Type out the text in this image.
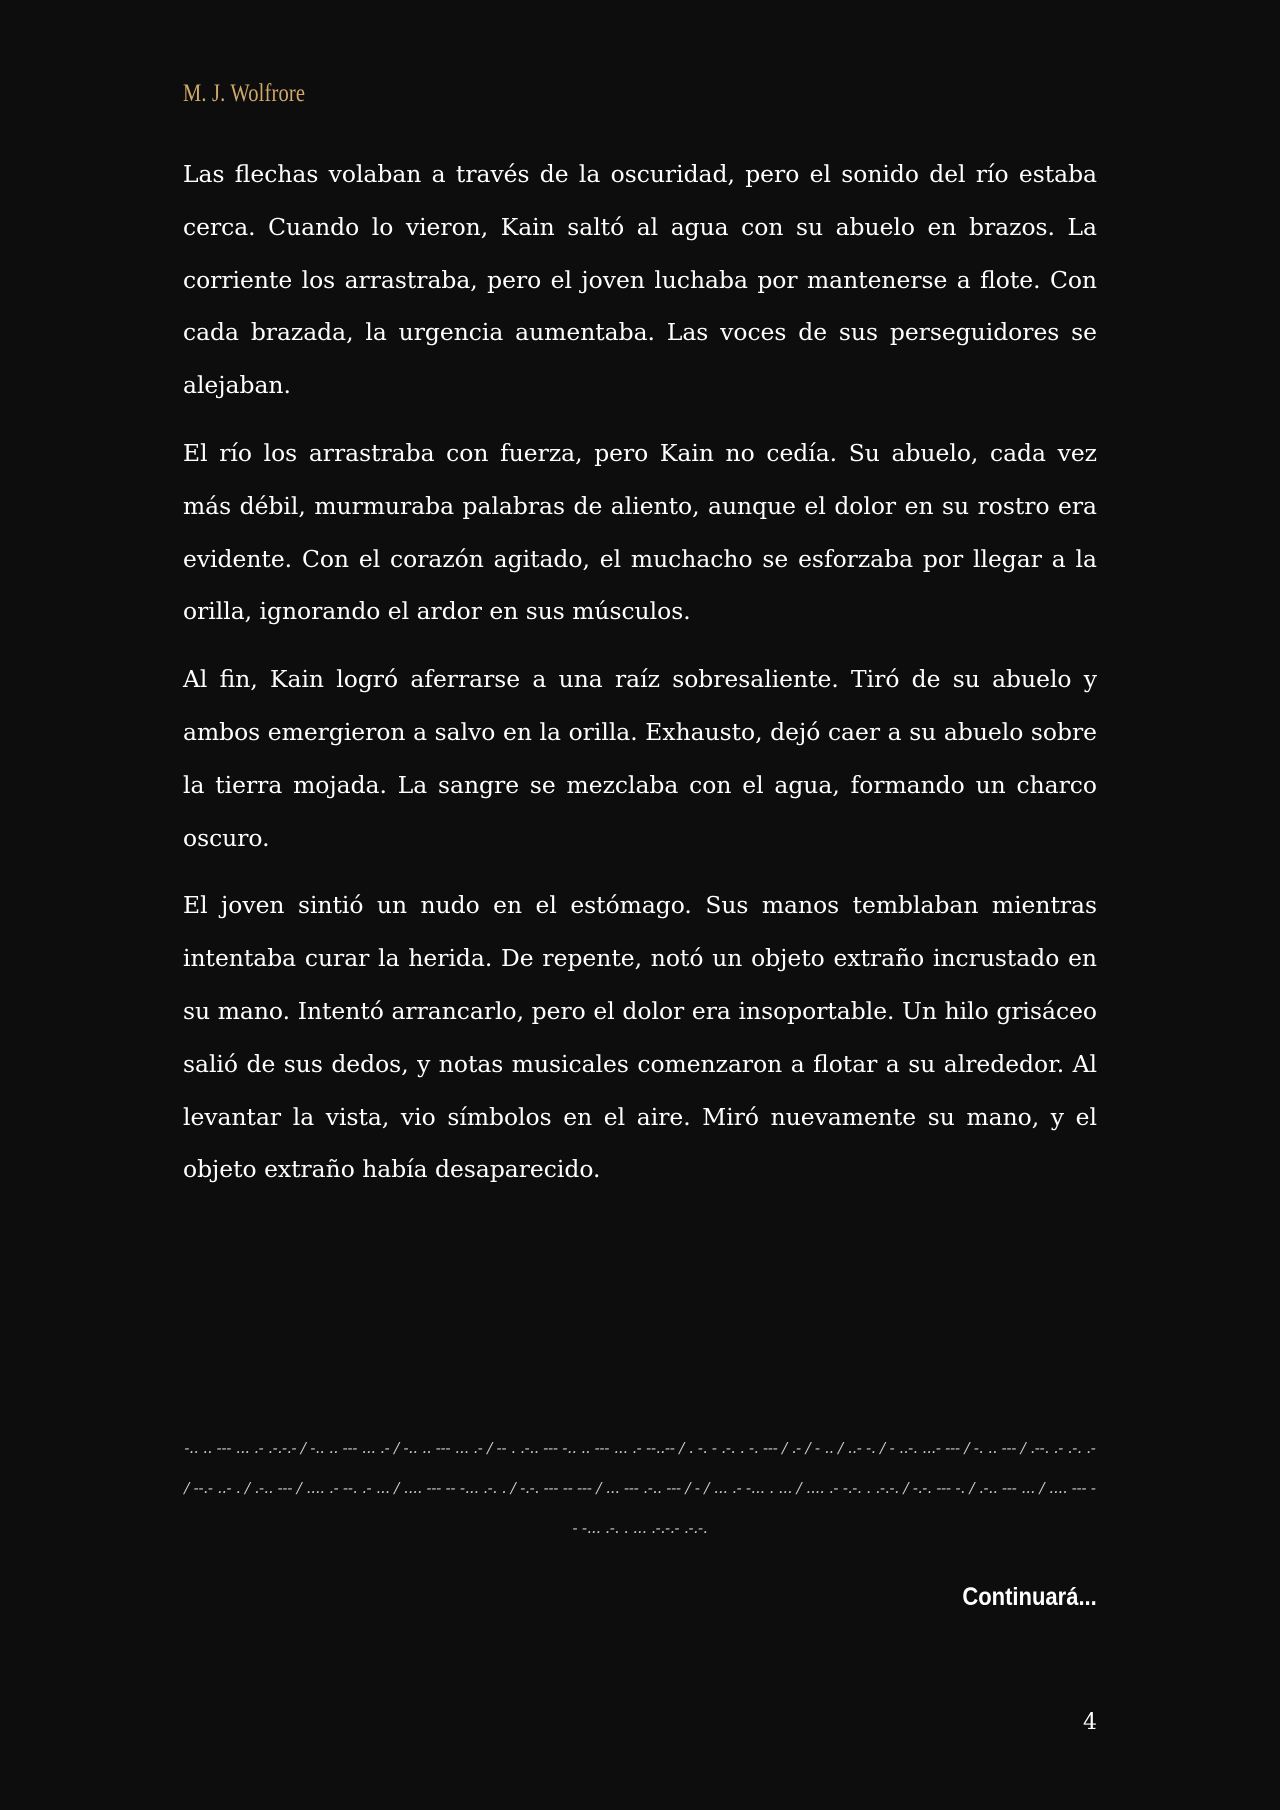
M. J. Wolfrore

Las flechas volaban a través de la oscuridad, pero el sonido del río estaba cerca. Cuando lo vieron, Kain saltó al agua con su abuelo en brazos. La corriente los arrastraba, pero el joven luchaba por mantenerse a flote. Con cada brazada, la urgencia aumentaba. Las voces de sus perseguidores se alejaban.

El río los arrastraba con fuerza, pero Kain no cedía. Su abuelo, cada vez más débil, murmuraba palabras de aliento, aunque el dolor en su rostro era evidente. Con el corazón agitado, el muchacho se esforzaba por llegar a la orilla, ignorando el ardor en sus músculos.

Al fin, Kain logró aferrarse a una raíz sobresaliente. Tiró de su abuelo y ambos emergieron a salvo en la orilla. Exhausto, dejó caer a su abuelo sobre la tierra mojada. La sangre se mezclaba con el agua, formando un charco oscuro.

El joven sintió un nudo en el estómago. Sus manos temblaban mientras intentaba curar la herida. De repente, notó un objeto extraño incrustado en su mano. Intentó arrancarlo, pero el dolor era insoportable. Un hilo grisáceo salió de sus dedos, y notas musicales comenzaron a flotar a su alrededor. Al levantar la vista, vio símbolos en el aire. Miró nuevamente su mano, y el objeto extraño había desaparecido.

-.. .. --- ... .- .-.-.- / -.. .. --- ... .- / -.. .. --- ... .- / -- . .-.. --- -.. .. --- ... .- --..-- / . -. - .-. . -. --- / .- / - .. / ..- -. / - ..-. ...- --- / -. .. --- / .--. .- .-. .- / --.- ..- . / .-.. --- / .... .- --. .- ... / .... --- -- -... .-. . / -.-. --- -- --- / ... --- .-.. --- / - / ... .- -... . ... / .... .- -.-. . .-.-. / -.-. --- -. / .-.. --- ... / .... --- -- -... .-. . ... .-.-.- .-.-.
Continuará...
4
